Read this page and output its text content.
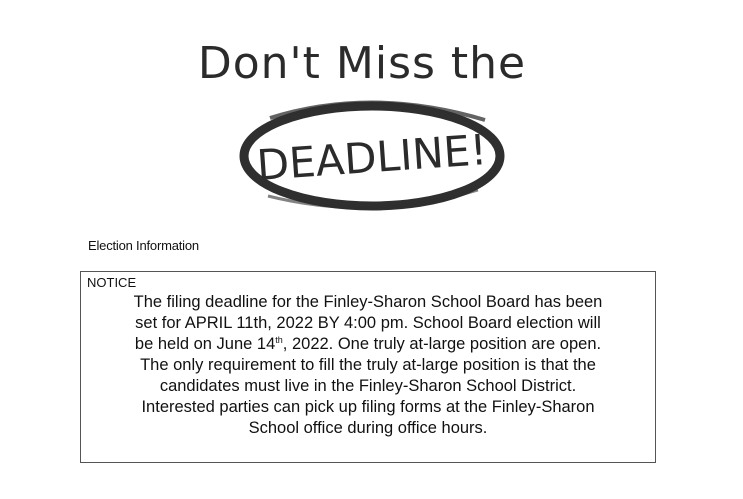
Don't Miss the
DEADLINE!
Election Information
NOTICE
The filing deadline for the Finley-Sharon School Board has been
set for APRIL 11th, 2022 BY 4:00 pm. School Board election will
be held on June 14th, 2022. One truly at-large position are open.
The only requirement to fill the truly at-large position is that the
candidates must live in the Finley-Sharon School District.
Interested parties can pick up filing forms at the Finley-Sharon
School office during office hours.
